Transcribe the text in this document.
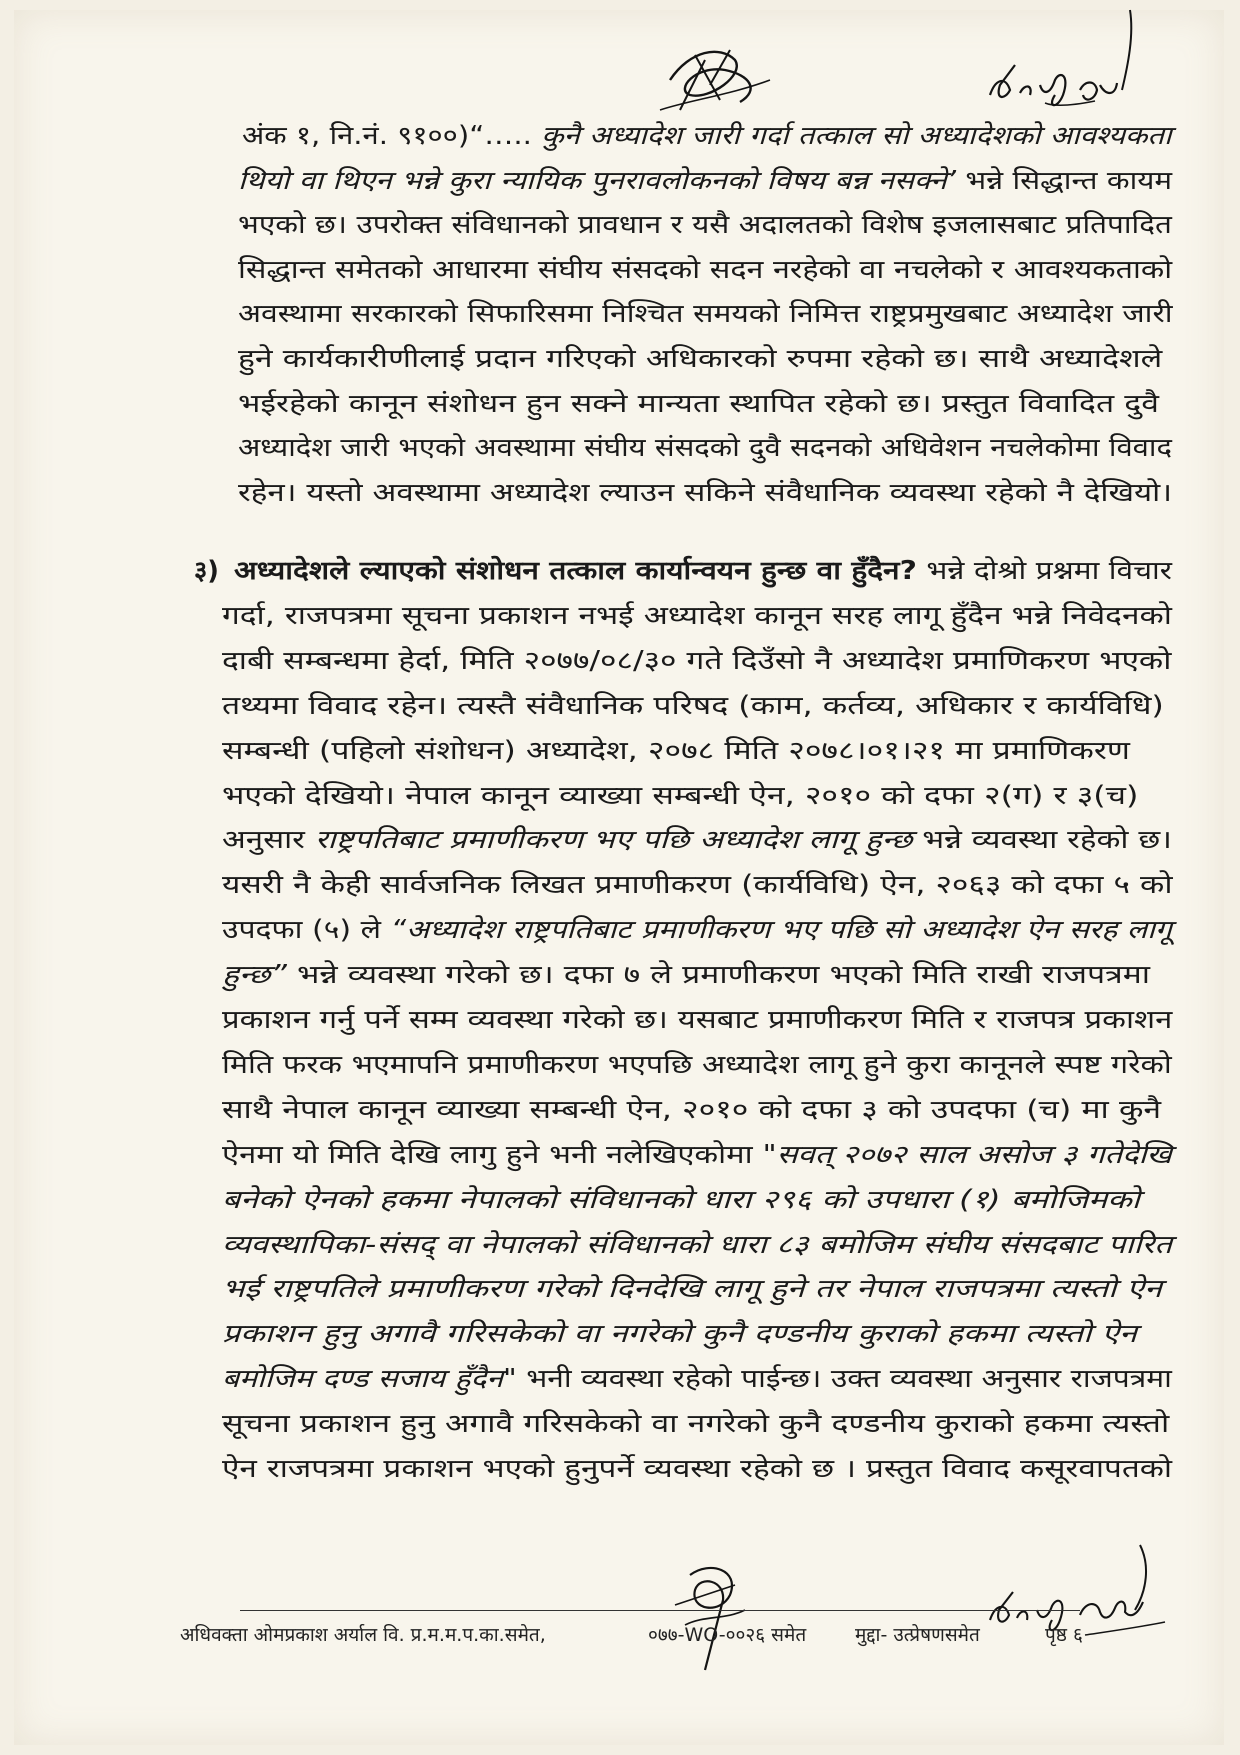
३)
अंक १, नि.नं. ९१००)“….. कुनै अध्यादेश जारी गर्दा तत्काल सो अध्यादेशको आवश्यकता
थियो वा थिएन भन्ने कुरा न्यायिक पुनरावलोकनको विषय बन्न नसक्ने’ भन्ने सिद्धान्त कायम
भएको छ। उपरोक्त संविधानको प्रावधान र यसै अदालतको विशेष इजलासबाट प्रतिपादित
सिद्धान्त समेतको आधारमा संघीय संसदको सदन नरहेको वा नचलेको र आवश्यकताको
अवस्थामा सरकारको सिफारिसमा निश्चित समयको निमित्त राष्ट्रप्रमुखबाट अध्यादेश जारी
हुने कार्यकारीणीलाई प्रदान गरिएको अधिकारको रुपमा रहेको छ। साथै अध्यादेशले
भईरहेको कानून संशोधन हुन सक्ने मान्यता स्थापित रहेको छ। प्रस्तुत विवादित दुवै
अध्यादेश जारी भएको अवस्थामा संघीय संसदको दुवै सदनको अधिवेशन नचलेकोमा विवाद
रहेन। यस्तो अवस्थामा अध्यादेश ल्याउन सकिने संवैधानिक व्यवस्था रहेको नै देखियो।
अध्यादेशले ल्याएको संशोधन तत्काल कार्यान्वयन हुन्छ वा हुँदैन? भन्ने दोश्रो प्रश्नमा विचार
गर्दा, राजपत्रमा सूचना प्रकाशन नभई अध्यादेश कानून सरह लागू हुँदैन भन्ने निवेदनको
दाबी सम्बन्धमा हेर्दा, मिति २०७७/०८/३० गते दिउँसो नै अध्यादेश प्रमाणिकरण भएको
तथ्यमा विवाद रहेन। त्यस्तै संवैधानिक परिषद (काम, कर्तव्य, अधिकार र कार्यविधि)
सम्बन्धी (पहिलो संशोधन) अध्यादेश, २०७८ मिति २०७८।०१।२१ मा प्रमाणिकरण
भएको देखियो। नेपाल कानून व्याख्या सम्बन्धी ऐन, २०१० को दफा २(ग) र ३(च)
अनुसार राष्ट्रपतिबाट प्रमाणीकरण भए पछि अध्यादेश लागू हुन्छ भन्ने व्यवस्था रहेको छ।
यसरी नै केही सार्वजनिक लिखत प्रमाणीकरण (कार्यविधि) ऐन, २०६३ को दफा ५ को
उपदफा (५) ले “अध्यादेश राष्ट्रपतिबाट प्रमाणीकरण भए पछि सो अध्यादेश ऐन सरह लागू
हुन्छ” भन्ने व्यवस्था गरेको छ। दफा ७ ले प्रमाणीकरण भएको मिति राखी राजपत्रमा
प्रकाशन गर्नु पर्ने सम्म व्यवस्था गरेको छ। यसबाट प्रमाणीकरण मिति र राजपत्र प्रकाशन
मिति फरक भएमापनि प्रमाणीकरण भएपछि अध्यादेश लागू हुने कुरा कानूनले स्पष्ट गरेको
साथै नेपाल कानून व्याख्या सम्बन्धी ऐन, २०१० को दफा ३ को उपदफा (च) मा कुनै
ऐनमा यो मिति देखि लागु हुने भनी नलेखिएकोमा "सवत् २०७२ साल असोज ३ गतेदेखि
बनेको ऐनको हकमा नेपालको संविधानको धारा २९६ को उपधारा (१) बमोजिमको
व्यवस्थापिका-संसद् वा नेपालको संविधानको धारा ८३ बमोजिम संघीय संसदबाट पारित
भई राष्ट्रपतिले प्रमाणीकरण गरेको दिनदेखि लागू हुने तर नेपाल राजपत्रमा त्यस्तो ऐन
प्रकाशन हुनु अगावै गरिसकेको वा नगरेको कुनै दण्डनीय कुराको हकमा त्यस्तो ऐन
बमोजिम दण्ड सजाय हुँदैन" भनी व्यवस्था रहेको पाईन्छ। उक्त व्यवस्था अनुसार राजपत्रमा
सूचना प्रकाशन हुनु अगावै गरिसकेको वा नगरेको कुनै दण्डनीय कुराको हकमा त्यस्तो
ऐन राजपत्रमा प्रकाशन भएको हुनुपर्ने व्यवस्था रहेको छ । प्रस्तुत विवाद कसूरवापतको
अधिवक्ता ओमप्रकाश अर्याल वि. प्र.म.म.प.का.समेत,	०७७-WO-००२६ समेत	मुद्दा- उत्प्रेषणसमेत	पृष्ठ ६
